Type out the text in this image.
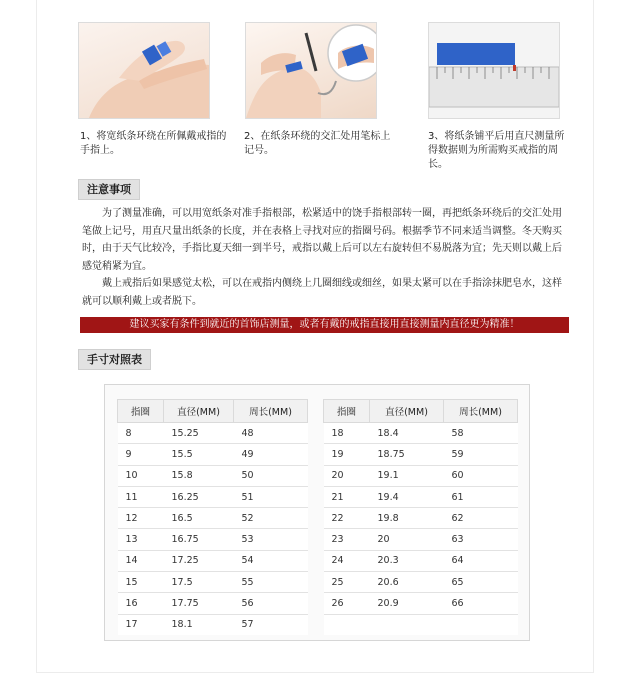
1、将宽纸条环绕在所佩戴戒指的手指上。
2、在纸条环绕的交汇处用笔标上记号。
3、将纸条铺平后用直尺测量所得数据则为所需购买戒指的周长。
注意事项
为了测量准确，可以用宽纸条对准手指根部，松紧适中的饶手指根部转一圈，再把纸条环绕后的交汇处用笔做上记号，用直尺量出纸条的长度，并在表格上寻找对应的指圈号码。根据季节不同来适当调整。冬天购买时，由于天气比较冷，手指比夏天细一到半号，戒指以戴上后可以左右旋转但不易脱落为宜；先天则以戴上后感觉稍紧为宜。
戴上戒指后如果感觉太松，可以在戒指内侧绕上几圈细线或细丝，如果太紧可以在手指涂抹肥皂水，这样就可以顺利戴上或者脱下。
建议买家有条件到就近的首饰店测量，或者有戴的戒指直接用直接测量内直径更为精准！
手寸对照表
指圈	直径(MM)	周长(MM)
8	15.25	48
9	15.5	49
10	15.8	50
11	16.25	51
12	16.5	52
13	16.75	53
14	17.25	54
15	17.5	55
16	17.75	56
17	18.1	57
指圈	直径(MM)	周长(MM)
18	18.4	58
19	18.75	59
20	19.1	60
21	19.4	61
22	19.8	62
23	20	63
24	20.3	64
25	20.6	65
26	20.9	66
